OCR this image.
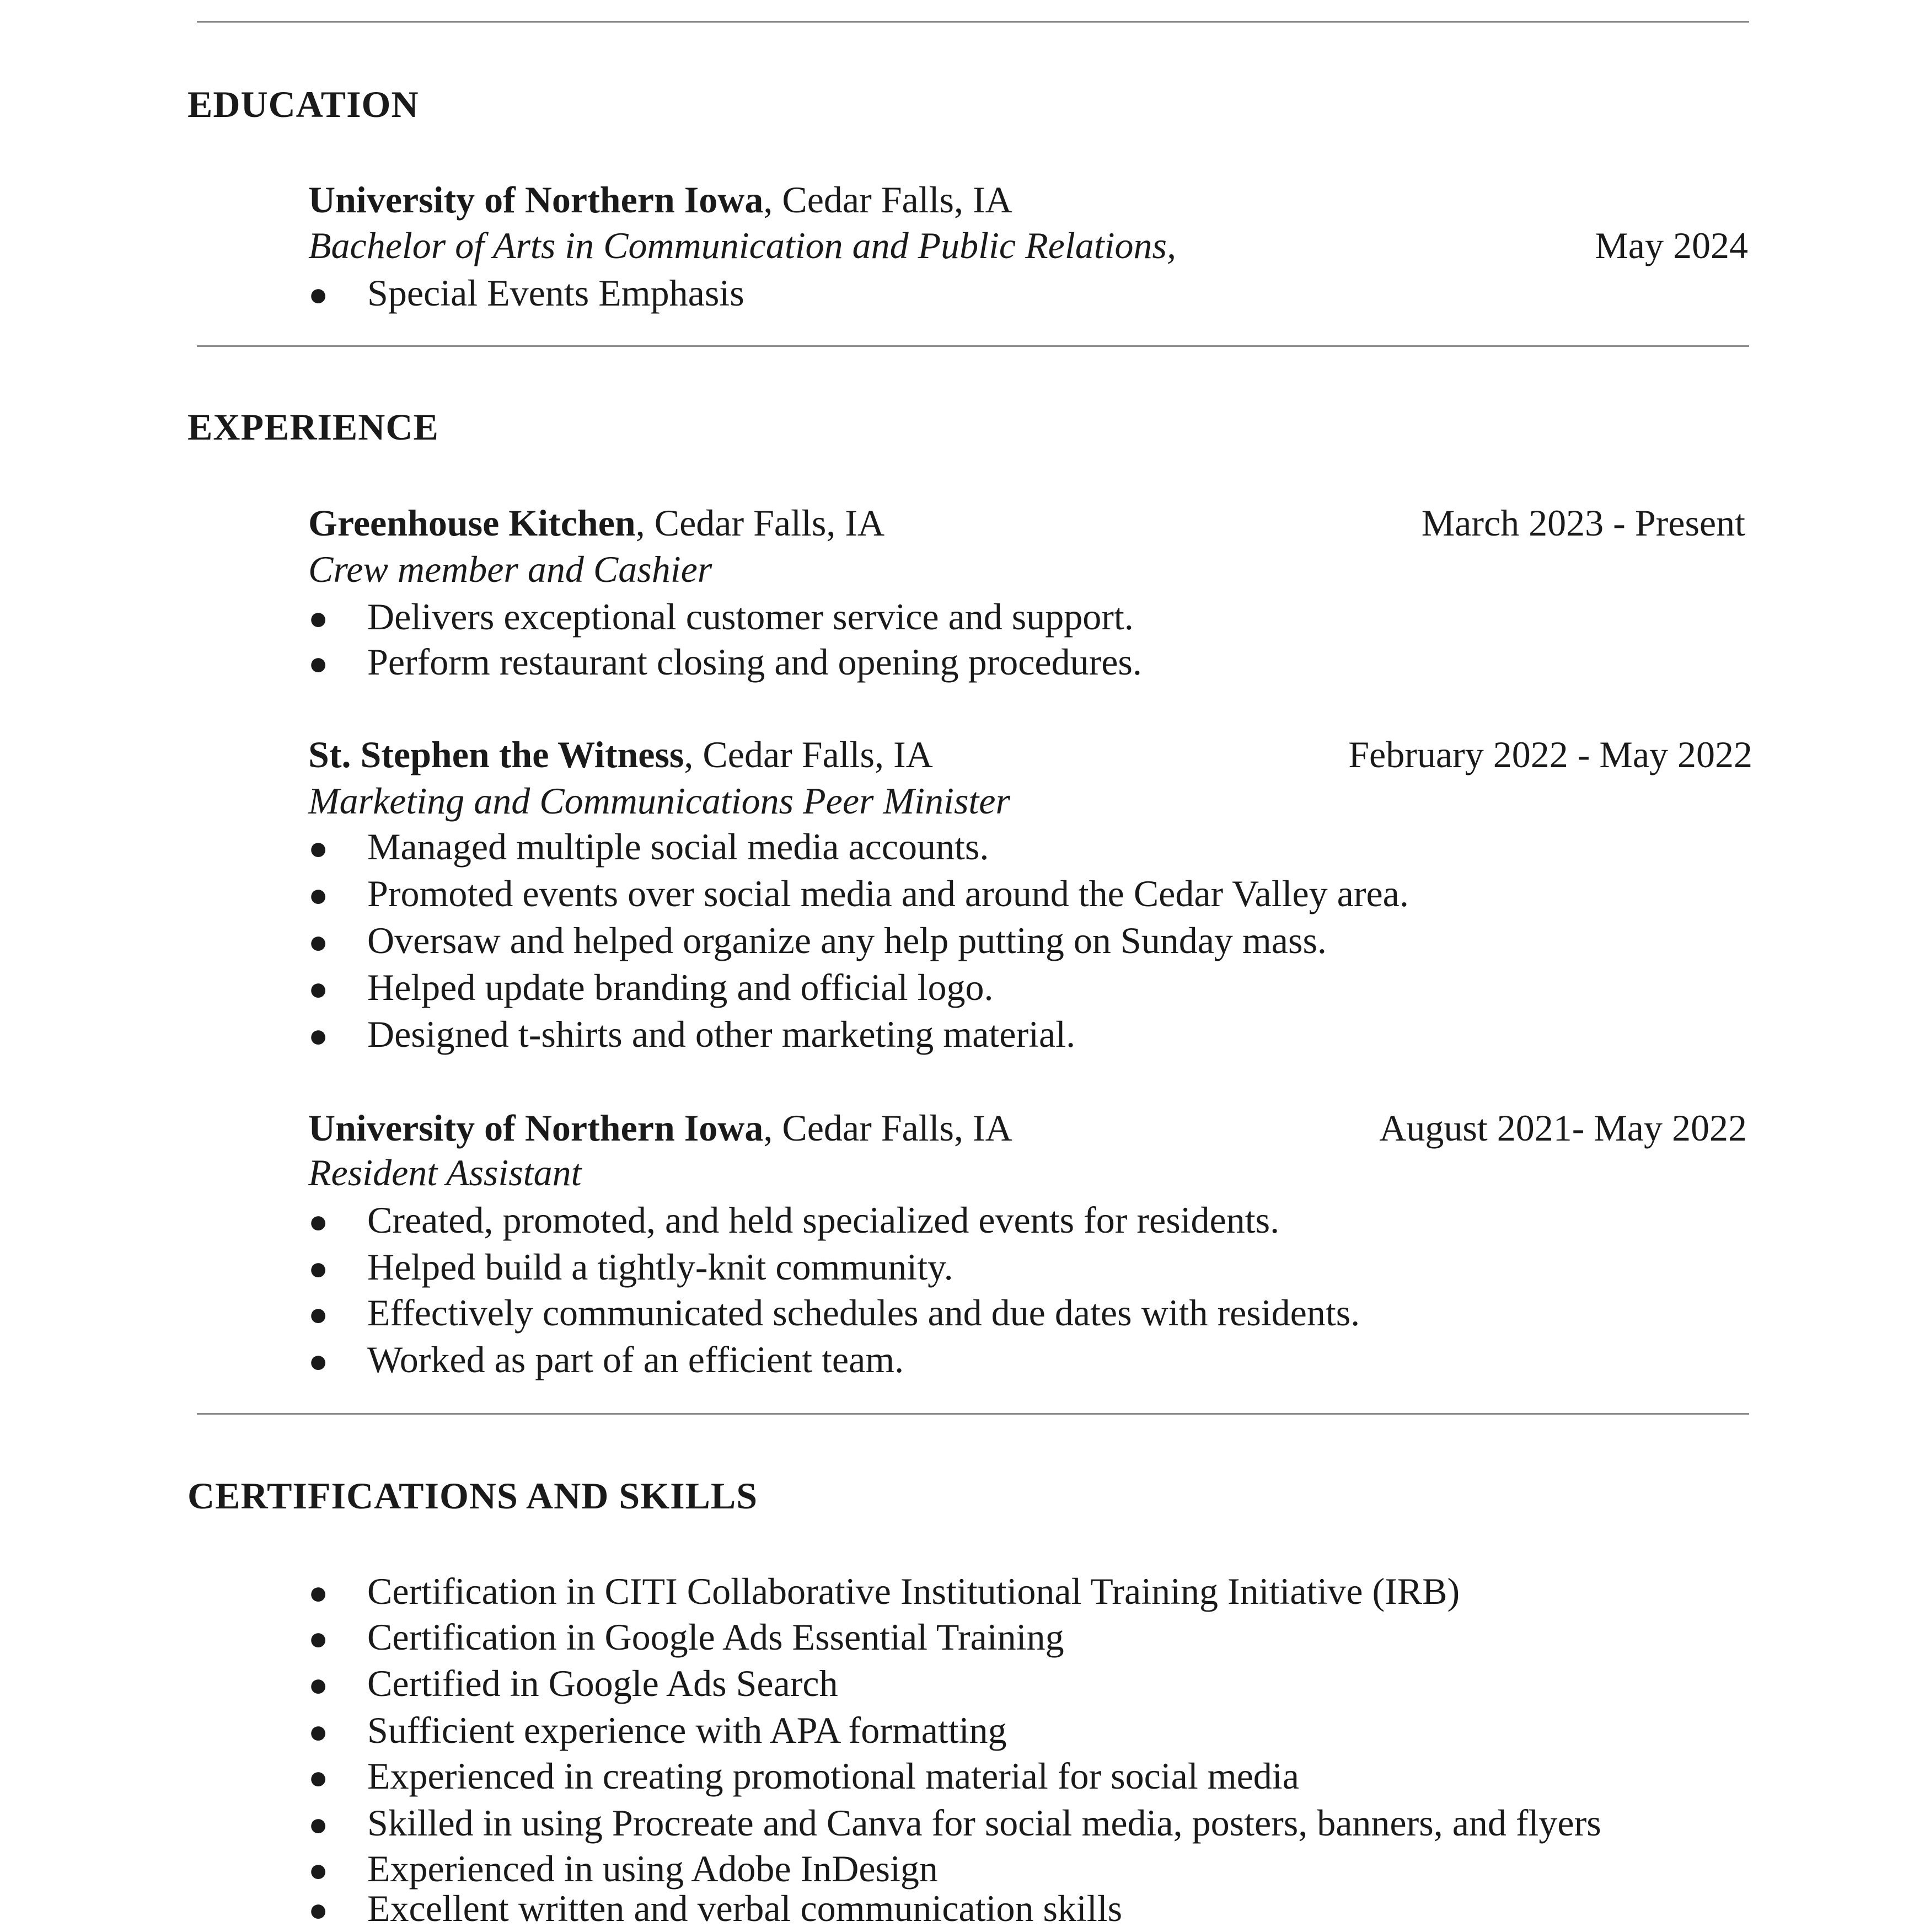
EDUCATION
University of Northern Iowa, Cedar Falls, IA
Bachelor of Arts in Communication and Public Relations,	May 2024
● Special Events Emphasis
EXPERIENCE
Greenhouse Kitchen, Cedar Falls, IA	March 2023 - Present
Crew member and Cashier
● Delivers exceptional customer service and support.
● Perform restaurant closing and opening procedures.
St. Stephen the Witness, Cedar Falls, IA	February 2022 - May 2022
Marketing and Communications Peer Minister
● Managed multiple social media accounts.
● Promoted events over social media and around the Cedar Valley area.
● Oversaw and helped organize any help putting on Sunday mass.
● Helped update branding and official logo.
● Designed t-shirts and other marketing material.
University of Northern Iowa, Cedar Falls, IA	August 2021- May 2022
Resident Assistant
● Created, promoted, and held specialized events for residents.
● Helped build a tightly-knit community.
● Effectively communicated schedules and due dates with residents.
● Worked as part of an efficient team.
CERTIFICATIONS AND SKILLS
● Certification in CITI Collaborative Institutional Training Initiative (IRB)
● Certification in Google Ads Essential Training
● Certified in Google Ads Search
● Sufficient experience with APA formatting
● Experienced in creating promotional material for social media
● Skilled in using Procreate and Canva for social media, posters, banners, and flyers
● Experienced in using Adobe InDesign
● Excellent written and verbal communication skills
